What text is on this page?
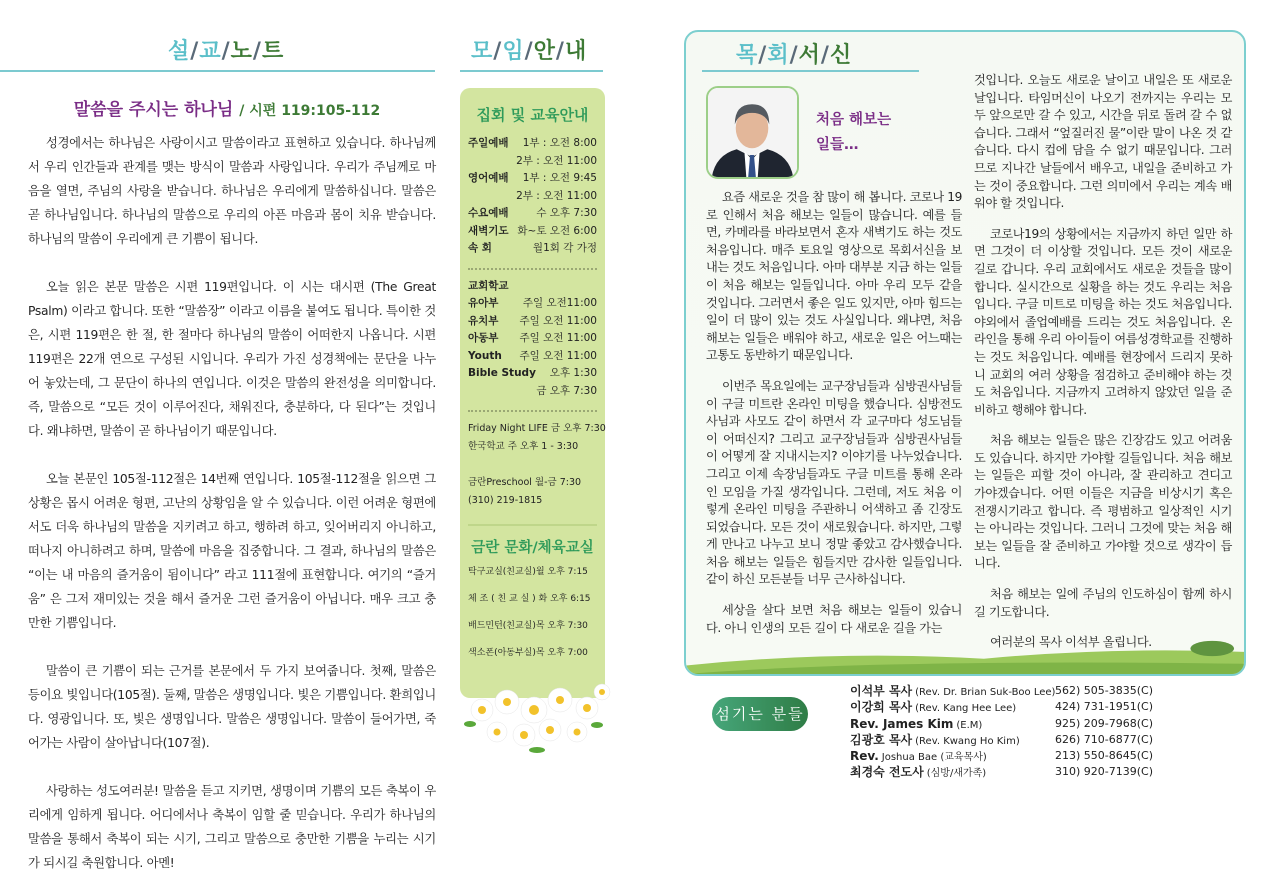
설/교/노/트
말씀을 주시는 하나님 / 시편 119:105-112

성경에서는 하나님은 사랑이시고 말씀이라고 표현하고 있습니다. 하나님께서 우리 인간들과 관계를 맺는 방식이 말씀과 사랑입니다. 우리가 주님께로 마음을 열면, 주님의 사랑을 받습니다. 하나님은 우리에게 말씀하십니다. 말씀은 곧 하나님입니다. 하나님의 말씀으로 우리의 아픈 마음과 몸이 치유 받습니다. 하나님의 말씀이 우리에게 큰 기쁨이 됩니다.

오늘 읽은 본문 말씀은 시편 119편입니다. 이 시는 대시편 (The Great Psalm) 이라고 합니다. 또한 “말씀장” 이라고 이름을 붙여도 됩니다. 특이한 것은, 시편 119편은 한 절, 한 절마다 하나님의 말씀이 어떠한지 나옵니다. 시편 119편은 22개 연으로 구성된 시입니다. 우리가 가진 성경책에는 문단을 나누어 놓았는데, 그 문단이 하나의 연입니다. 이것은 말씀의 완전성을 의미합니다. 즉, 말씀으로 “모든 것이 이루어진다, 채워진다, 충분하다, 다 된다”는 것입니다. 왜냐하면, 말씀이 곧 하나님이기 때문입니다.

오늘 본문인 105절-112절은 14번째 연입니다. 105절-112절을 읽으면 그 상황은 몹시 어려운 형편, 고난의 상황임을 알 수 있습니다. 이런 어려운 형편에서도 더욱 하나님의 말씀을 지키려고 하고, 행하려 하고, 잊어버리지 아니하고, 떠나지 아니하려고 하며, 말씀에 마음을 집중합니다. 그 결과, 하나님의 말씀은 “이는 내 마음의 즐거움이 됨이니다” 라고 111절에 표현합니다. 여기의 “즐거움” 은 그저 재미있는 것을 해서 즐거운 그런 즐거움이 아닙니다. 매우 크고 충만한 기쁨입니다.

말씀이 큰 기쁨이 되는 근거를 본문에서 두 가지 보여줍니다. 첫째, 말씀은 등이요 빛입니다(105절). 둘째, 말씀은 생명입니다. 빛은 기쁨입니다. 환희입니다. 영광입니다. 또, 빛은 생명입니다. 말씀은 생명입니다. 말씀이 들어가면, 죽어가는 사람이 살아납니다(107절).

사랑하는 성도여러분! 말씀을 듣고 지키면, 생명이며 기쁨의 모든 축복이 우리에게 임하게 됩니다. 어디에서나 축복이 임할 줄 믿습니다. 우리가 하나님의 말씀을 통해서 축복이 되는 시기, 그리고 말씀으로 충만한 기쁨을 누리는 시기가 되시길 축원합니다. 아멘!

모/임/안/내
집회 및 교육안내
주일예배	1부 : 오전 8:00
2부 : 오전 11:00
영어예배	1부 : 오전 9:45
2부 : 오전 11:00
수요예배	수 오후 7:30
새벽기도 화~토 오전 6:00
속 회	월1회 각 가정
교회학교
유아부	주일 오전11:00
유치부	주일 오전 11:00
아동부	주일 오전 11:00
Youth	주일 오전 11:00
Bible Study	오후 1:30
금 오후 7:30
Friday Night LIFE 금 오후 7:30
한국학교 주 오후 1 - 3:30

금란Preschool 월-금 7:30
(310) 219-1815
금란 문화/체육교실
탁구교실(친교실)월 오후 7:15
체 조 ( 친 교 실 ) 화 오후 6:15
배드민턴(친교실)목 오후 7:30
색소폰(아동부실)목 오후 7:00
목/회/서/신
처음 해보는
일들…

요즘 새로운 것을 참 많이 해 봅니다. 코로나 19로 인해서 처음 해보는 일들이 많습니다. 예를 들면, 카메라를 바라보면서 혼자 새벽기도 하는 것도 처음입니다. 매주 토요일 영상으로 목회서신을 보내는 것도 처음입니다. 아마 대부분 지금 하는 일들이 처음 해보는 일들입니다. 아마 우리 모두 같을 것입니다. 그러면서 좋은 일도 있지만, 아마 힘드는 일이 더 많이 있는 것도 사실입니다. 왜냐면, 처음 해보는 일들은 배워야 하고, 새로운 일은 어느때는 고통도 동반하기 때문입니다.

이번주 목요일에는 교구장님들과 심방권사님들이 구글 미트란 온라인 미팅을 했습니다. 심방전도사님과 사모도 같이 하면서 각 교구마다 성도님들이 어떠신지? 그리고 교구장님들과 심방권사님들이 어떻게 잘 지내시는지? 이야기를 나누었습니다. 그리고 이제 속장님들과도 구글 미트를 통해 온라인 모임을 가질 생각입니다. 그런데, 저도 처음 이렇게 온라인 미팅을 주관하니 어색하고 좀 긴장도 되었습니다. 모든 것이 새로웠습니다. 하지만, 그렇게 만나고 나누고 보니 정말 좋았고 감사했습니다. 처음 해보는 일들은 힘들지만 감사한 일들입니다. 같이 하신 모든분들 너무 근사하십니다.

세상을 살다 보면 처음 해보는 일들이 있습니다. 아니 인생의 모든 길이 다 새로운 길을 가는

것입니다. 오늘도 새로운 날이고 내일은 또 새로운 날입니다. 타임머신이 나오기 전까지는 우리는 모두 앞으로만 갈 수 있고, 시간을 뒤로 돌려 갈 수 없습니다. 그래서 “엎질러진 물”이란 말이 나온 것 같습니다. 다시 컵에 담을 수 없기 때문입니다. 그러므로 지나간 날들에서 배우고, 내일을 준비하고 가는 것이 중요합니다. 그런 의미에서 우리는 계속 배워야 할 것입니다.

코로나19의 상황에서는 지금까지 하던 일만 하면 그것이 더 이상할 것입니다. 모든 것이 새로운 길로 갑니다. 우리 교회에서도 새로운 것들을 많이 합니다. 실시간으로 실황을 하는 것도 우리는 처음입니다. 구글 미트로 미팅을 하는 것도 처음입니다. 야외에서 졸업예배를 드리는 것도 처음입니다. 온라인을 통해 우리 아이들이 여름성경학교를 진행하는 것도 처음입니다. 예배를 현장에서 드리지 못하니 교회의 여러 상황을 점검하고 준비해야 하는 것도 처음입니다. 지금까지 고려하지 않았던 일을 준비하고 행해야 합니다.

처음 해보는 일들은 많은 긴장감도 있고 어려움도 있습니다. 하지만 가야할 길들입니다. 처음 해보는 일들은 피할 것이 아니라, 잘 관리하고 견디고 가야겠습니다. 어떤 이들은 지금을 비상시기 혹은 전쟁시기라고 합니다. 즉 평범하고 일상적인 시기는 아니라는 것입니다. 그러니 그것에 맞는 처음 해보는 일들을 잘 준비하고 가야할 것으로 생각이 듭니다.

처음 해보는 일에 주님의 인도하심이 함께 하시길 기도합니다.

여러분의 목사 이석부 올립니다.

섬기는 분들
이석부 목사 (Rev. Dr. Brian Suk-Boo Lee) 562) 505-3835(C)
이강희 목사 (Rev. Kang Hee Lee)	424) 731-1951(C)
Rev. James Kim (E.M)	925) 209-7968(C)
김광호 목사 (Rev. Kwang Ho Kim)	626) 710-6877(C)
Rev. Joshua Bae (교육목사)	213) 550-8645(C)
최경숙 전도사 (심방/새가족)	310) 920-7139(C)
